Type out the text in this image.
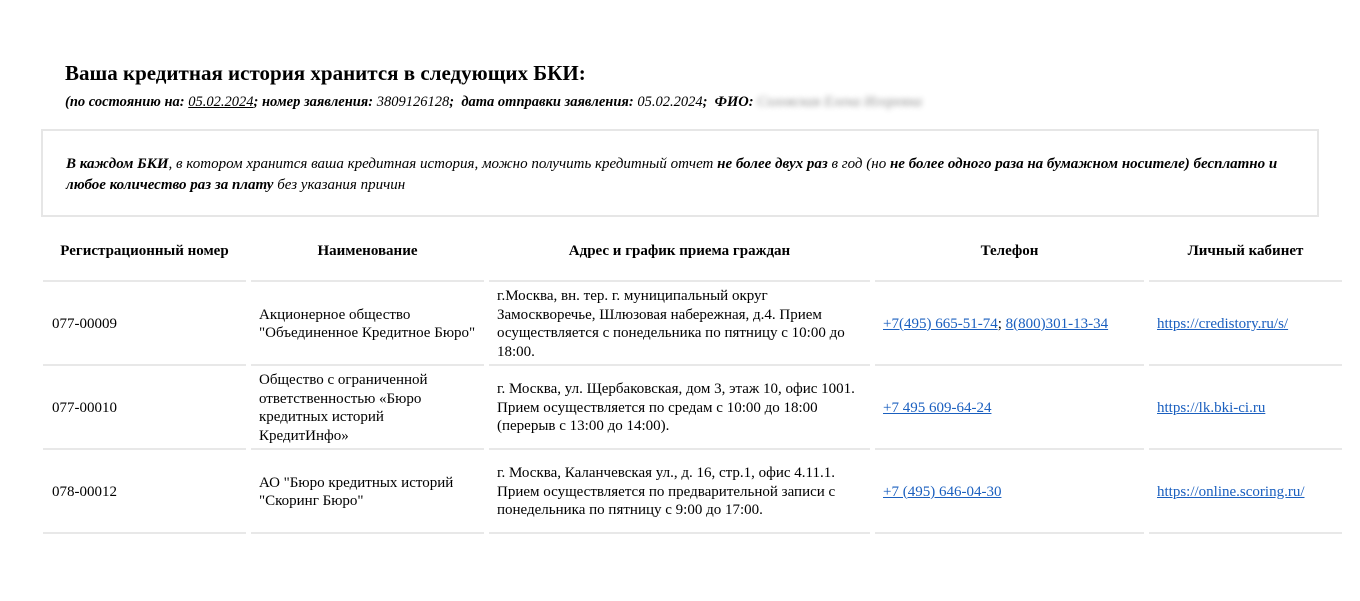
Ваша кредитная история хранится в следующих БКИ:
(по состоянию на: 05.02.2024; номер заявления: 3809126128; дата отправки заявления: 05.02.2024; ФИО: Соловская Елена Игоревна
В каждом БКИ, в котором хранится ваша кредитная история, можно получить кредитный отчет не более двух раз в год (но не более одного раза на бумажном носителе) бесплатно и любое количество раз за плату без указания причин
Регистрационный номер	Наименование	Адрес и график приема граждан	Телефон	Личный кабинет
077-00009	Акционерное общество "Объединенное Кредитное Бюро"	г.Москва, вн. тер. г. муниципальный округ Замоскворечье, Шлюзовая набережная, д.4. Прием осуществляется с понедельника по пятницу с 10:00 до 18:00.	+7(495) 665-51-74; 8(800)301-13-34	https://credistory.ru/s/
077-00010	Общество с ограниченной ответственностью «Бюро кредитных историй КредитИнфо»	г. Москва, ул. Щербаковская, дом 3, этаж 10, офис 1001. Прием осуществляется по средам с 10:00 до 18:00 (перерыв с 13:00 до 14:00).	+7 495 609-64-24	https://lk.bki-ci.ru
078-00012	АО "Бюро кредитных историй "Скоринг Бюро"	г. Москва, Каланчевская ул., д. 16, стр.1, офис 4.11.1. Прием осуществляется по предварительной записи с понедельника по пятницу с 9:00 до 17:00.	+7 (495) 646-04-30	https://online.scoring.ru/
